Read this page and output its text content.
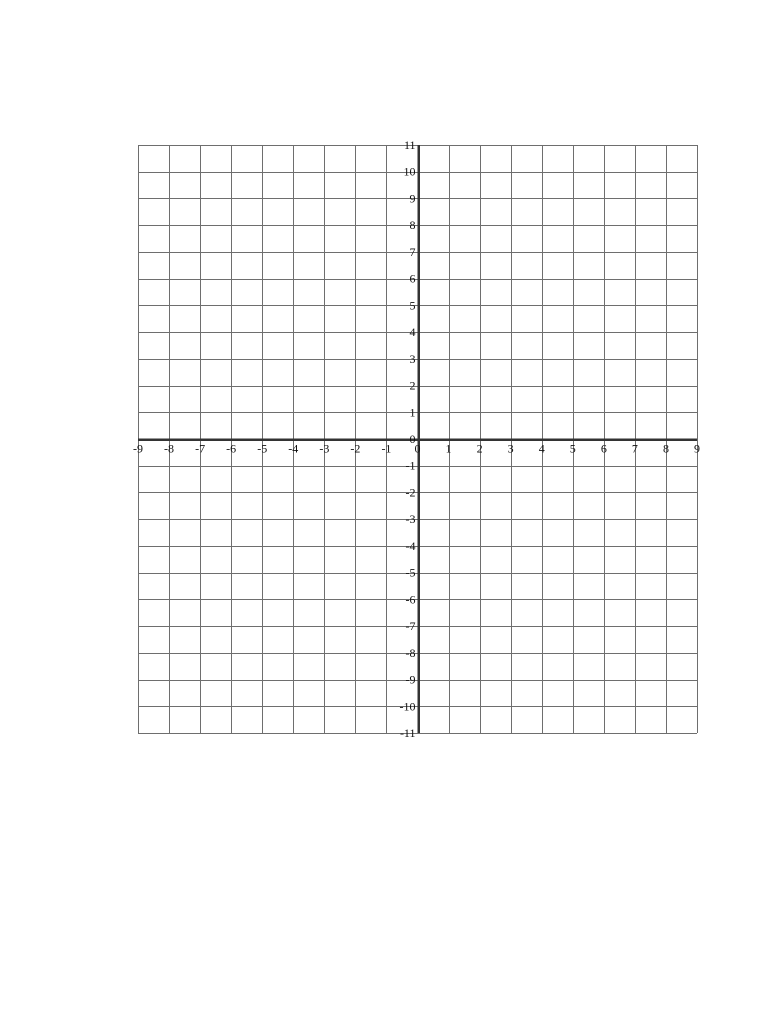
-9 -8 -7 -6 -5 -4 -3 -2 -1 0 1 2 3 4 5 6 7 8 9
11
10
9
8
7
6
5
4
3
2
1
0
-1
-2
-3
-4
-5
-6
-7
-8
-9
-10
-11
